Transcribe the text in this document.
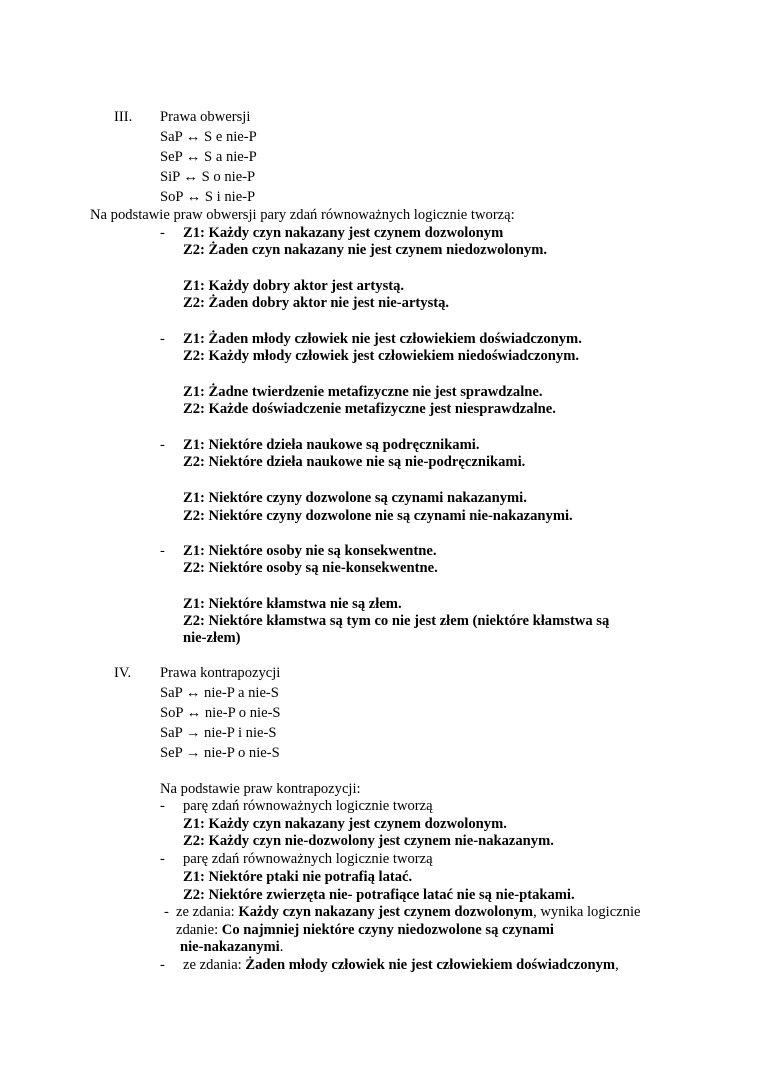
III. Prawa obwersji
SaP ↔ S e nie-P
SeP ↔ S a nie-P
SiP ↔ S o nie-P
SoP ↔ S i nie-P
Na podstawie praw obwersji pary zdań równoważnych logicznie tworzą:
- Z1: Każdy czyn nakazany jest czynem dozwolonym
Z2: Żaden czyn nakazany nie jest czynem niedozwolonym.
Z1: Każdy dobry aktor jest artystą.
Z2: Żaden dobry aktor nie jest nie-artystą.
- Z1: Żaden młody człowiek nie jest człowiekiem doświadczonym.
Z2: Każdy młody człowiek jest człowiekiem niedoświadczonym.
Z1: Żadne twierdzenie metafizyczne nie jest sprawdzalne.
Z2: Każde doświadczenie metafizyczne jest niesprawdzalne.
- Z1: Niektóre dzieła naukowe są podręcznikami.
Z2: Niektóre dzieła naukowe nie są nie-podręcznikami.
Z1: Niektóre czyny dozwolone są czynami nakazanymi.
Z2: Niektóre czyny dozwolone nie są czynami nie-nakazanymi.
- Z1: Niektóre osoby nie są konsekwentne.
Z2: Niektóre osoby są nie-konsekwentne.
Z1: Niektóre kłamstwa nie są złem.
Z2: Niektóre kłamstwa są tym co nie jest złem (niektóre kłamstwa są
nie-złem)
IV. Prawa kontrapozycji
SaP ↔ nie-P a nie-S
SoP ↔ nie-P o nie-S
SaP → nie-P i nie-S
SeP → nie-P o nie-S
Na podstawie praw kontrapozycji:
- parę zdań równoważnych logicznie tworzą
Z1: Każdy czyn nakazany jest czynem dozwolonym.
Z2: Każdy czyn nie-dozwolony jest czynem nie-nakazanym.
- parę zdań równoważnych logicznie tworzą
Z1: Niektóre ptaki nie potrafią latać.
Z2: Niektóre zwierzęta nie- potrafiące latać nie są nie-ptakami.
- ze zdania: Każdy czyn nakazany jest czynem dozwolonym, wynika logicznie
zdanie: Co najmniej niektóre czyny niedozwolone są czynami
nie-nakazanymi.
- ze zdania: Żaden młody człowiek nie jest człowiekiem doświadczonym,
